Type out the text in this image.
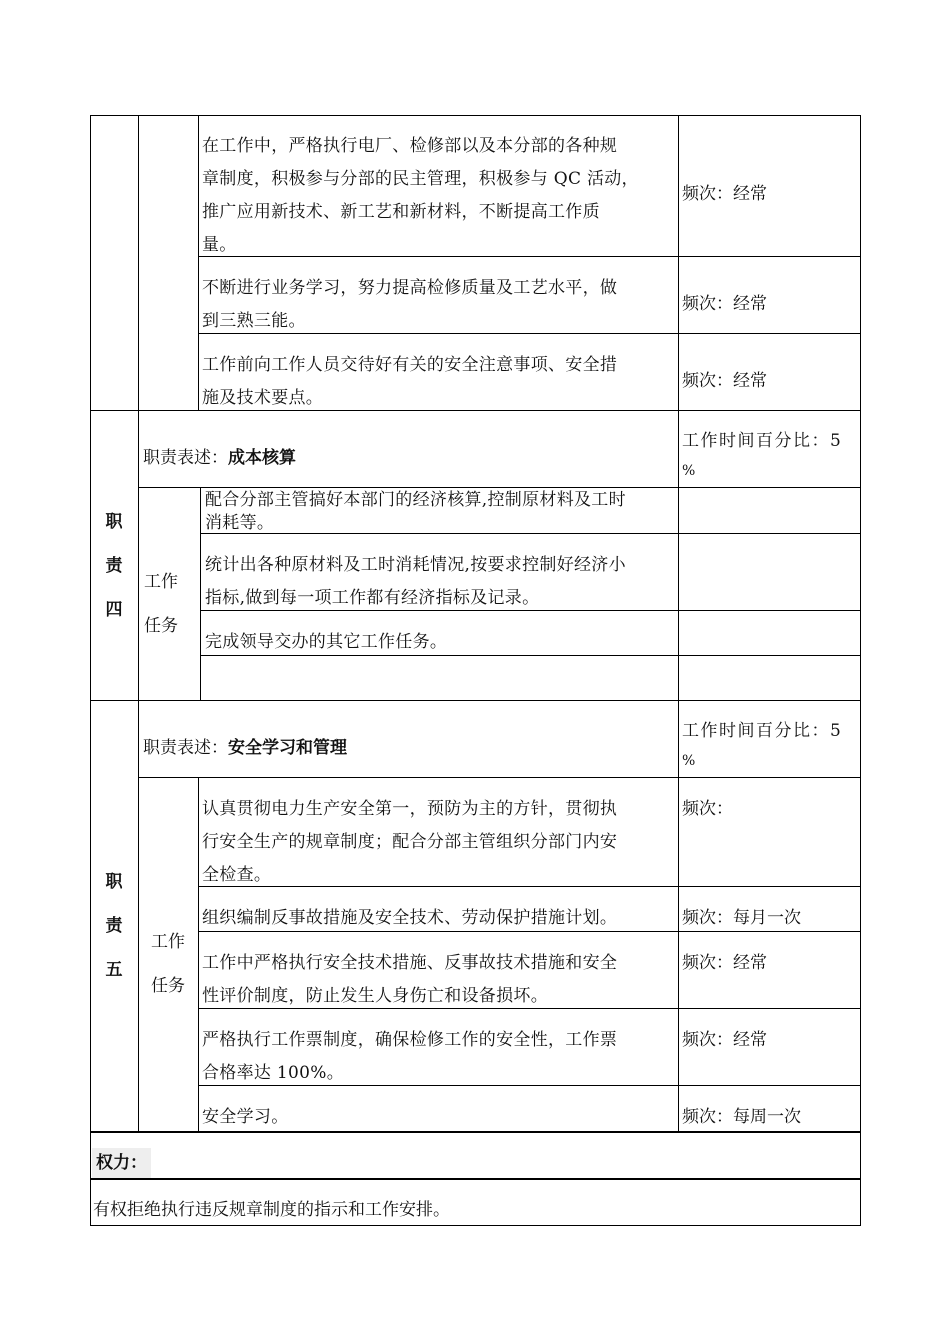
在工作中，严格执行电厂、检修部以及本分部的各种规
章制度，积极参与分部的民主管理，积极参与 QC 活动，
推广应用新技术、新工艺和新材料，不断提高工作质
量。
频次：经常
不断进行业务学习，努力提高检修质量及工艺水平，做
到三熟三能。
频次：经常
工作前向工作人员交待好有关的安全注意事项、安全措
施及技术要点。
频次：经常
职
责
四
职责表述：成本核算
工作时间百分比：5
%
工作
任务
配合分部主管搞好本部门的经济核算,控制原材料及工时
消耗等。
统计出各种原材料及工时消耗情况,按要求控制好经济小
指标,做到每一项工作都有经济指标及记录。
完成领导交办的其它工作任务。
职
责
五
职责表述：安全学习和管理
工作时间百分比：5
%
工作
任务
认真贯彻电力生产安全第一，预防为主的方针，贯彻执
行安全生产的规章制度；配合分部主管组织分部门内安
全检查。
频次：
组织编制反事故措施及安全技术、劳动保护措施计划。	频次：每月一次
工作中严格执行安全技术措施、反事故技术措施和安全
性评价制度，防止发生人身伤亡和设备损坏。
频次：经常
严格执行工作票制度，确保检修工作的安全性，工作票
合格率达 100%。
频次：经常
安全学习。	频次：每周一次
权力：
有权拒绝执行违反规章制度的指示和工作安排。
